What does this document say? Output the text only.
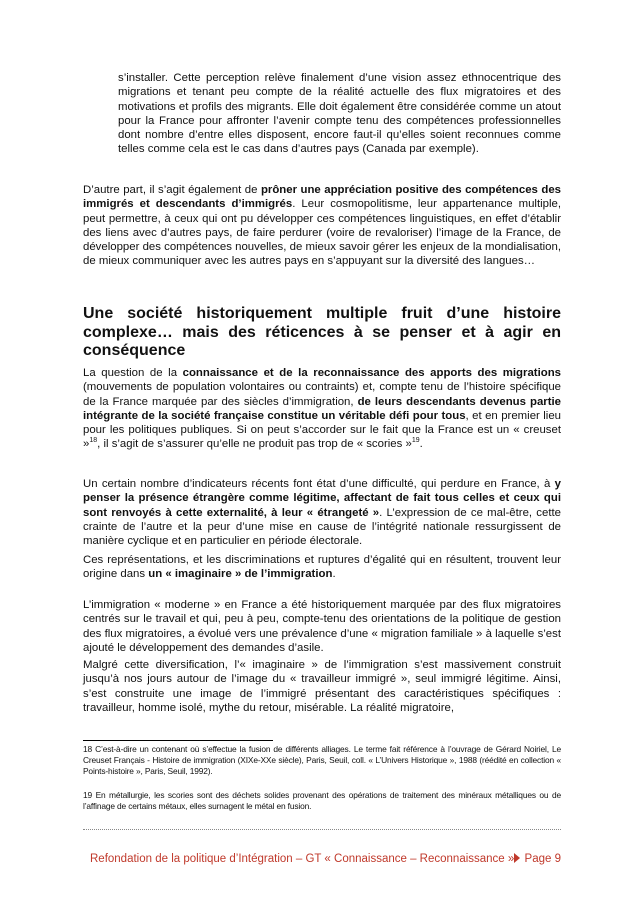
s’installer. Cette perception relève finalement d’une vision assez ethnocentrique des migrations et tenant peu compte de la réalité actuelle des flux migratoires et des motivations et profils des migrants. Elle doit également être considérée comme un atout pour la France pour affronter l’avenir compte tenu des compétences professionnelles dont nombre d’entre elles disposent, encore faut-il qu’elles soient reconnues comme telles comme cela est le cas dans d’autres pays (Canada par exemple).

D’autre part, il s’agit également de prôner une appréciation positive des compétences des immigrés et descendants d’immigrés. Leur cosmopolitisme, leur appartenance multiple, peut permettre, à ceux qui ont pu développer ces compétences linguistiques, en effet d’établir des liens avec d’autres pays, de faire perdurer (voire de revaloriser) l’image de la France, de développer des compétences nouvelles, de mieux savoir gérer les enjeux de la mondialisation, de mieux communiquer avec les autres pays en s’appuyant sur la diversité des langues…

Une société historiquement multiple fruit d’une histoire complexe… mais des réticences à se penser et à agir en conséquence

La question de la connaissance et de la reconnaissance des apports des migrations (mouvements de population volontaires ou contraints) et, compte tenu de l’histoire spécifique de la France marquée par des siècles d’immigration, de leurs descendants devenus partie intégrante de la société française constitue un véritable défi pour tous, et en premier lieu pour les politiques publiques. Si on peut s’accorder sur le fait que la France est un « creuset »$^{18}$, il s’agit de s’assurer qu’elle ne produit pas trop de « scories »$^{19}$.

Un certain nombre d’indicateurs récents font état d’une difficulté, qui perdure en France, à y penser la présence étrangère comme légitime, affectant de fait tous celles et ceux qui sont renvoyés à cette externalité, à leur « étrangeté ». L’expression de ce mal-être, cette crainte de l’autre et la peur d’une mise en cause de l’intégrité nationale ressurgissent de manière cyclique et en particulier en période électorale.

Ces représentations, et les discriminations et ruptures d’égalité qui en résultent, trouvent leur origine dans un « imaginaire » de l’immigration.

L’immigration « moderne » en France a été historiquement marquée par des flux migratoires centrés sur le travail et qui, peu à peu, compte-tenu des orientations de la politique de gestion des flux migratoires, a évolué vers une prévalence d’une « migration familiale » à laquelle s’est ajouté le développement des demandes d’asile.

Malgré cette diversification, l’« imaginaire » de l’immigration s’est massivement construit jusqu’à nos jours autour de l’image du « travailleur immigré », seul immigré légitime. Ainsi, s’est construite une image de l’immigré présentant des caractéristiques spécifiques : travailleur, homme isolé, mythe du retour, misérable. La réalité migratoire,

18 C’est-à-dire un contenant où s’effectue la fusion de différents alliages. Le terme fait référence à l’ouvrage de Gérard Noiriel, Le Creuset Français - Histoire de immigration (XIXe-XXe siècle), Paris, Seuil, coll. « L’Univers Historique », 1988 (réédité en collection « Points-histoire », Paris, Seuil, 1992).
19 En métallurgie, les scories sont des déchets solides provenant des opérations de traitement des minéraux métalliques ou de l’affinage de certains métaux, elles surnagent le métal en fusion.
Refondation de la politique d’Intégration – GT « Connaissance – Reconnaissance » Page 9
